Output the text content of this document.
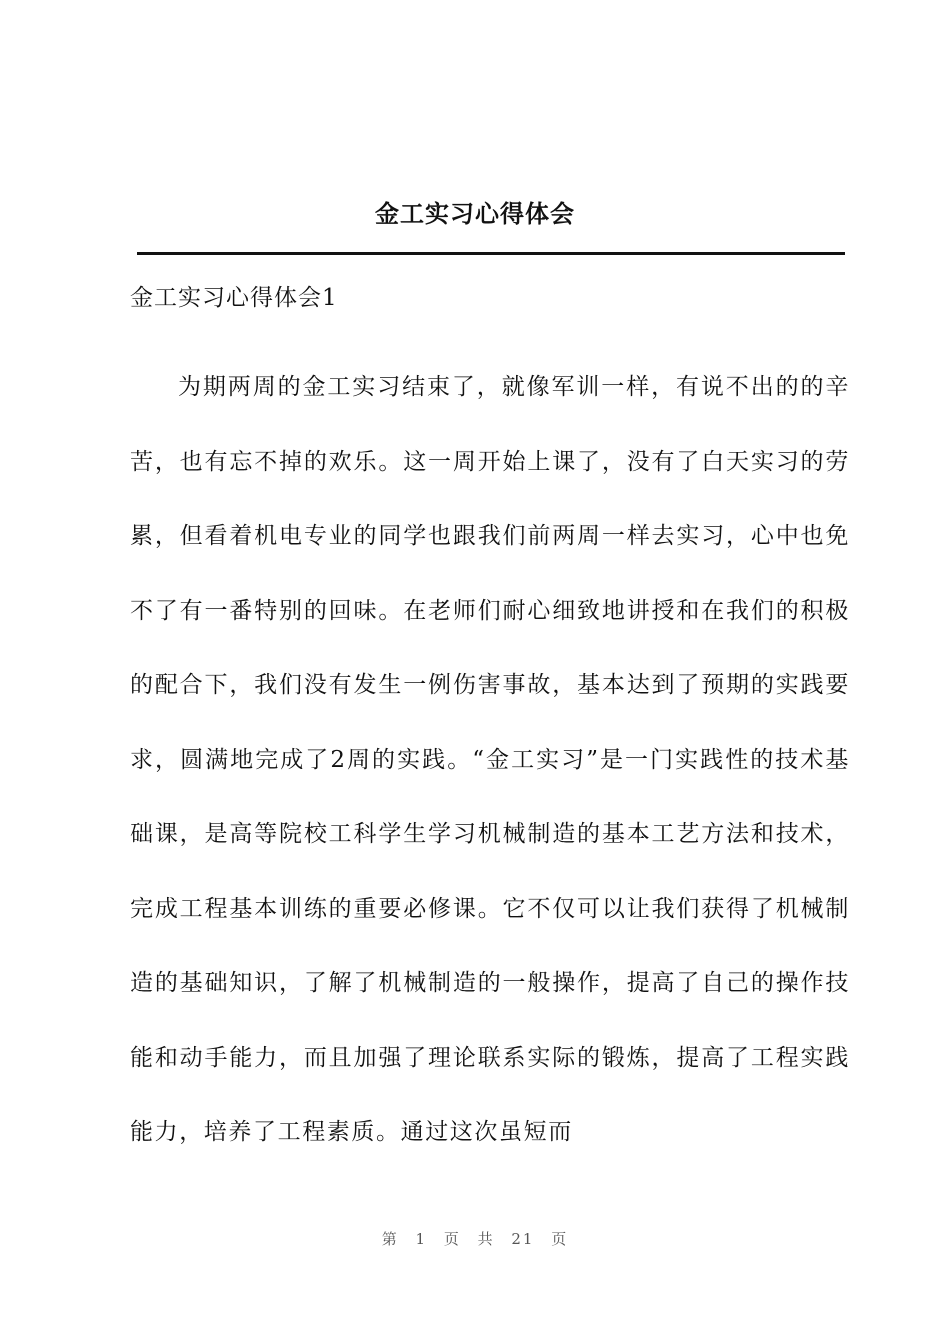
金工实习心得体会
金工实习心得体会1

为期两周的金工实习结束了，就像军训一样，有说不出的的辛苦，也有忘不掉的欢乐。这一周开始上课了，没有了白天实习的劳累，但看着机电专业的同学也跟我们前两周一样去实习，心中也免不了有一番特别的回味。在老师们耐心细致地讲授和在我们的积极的配合下，我们没有发生一例伤害事故，基本达到了预期的实践要求，圆满地完成了2周的实践。“金工实习”是一门实践性的技术基础课，是高等院校工科学生学习机械制造的基本工艺方法和技术，完成工程基本训练的重要必修课。它不仅可以让我们获得了机械制造的基础知识，了解了机械制造的一般操作，提高了自己的操作技能和动手能力，而且加强了理论联系实际的锻炼，提高了工程实践能力，培养了工程素质。通过这次虽短而

第 1 页 共 21 页
